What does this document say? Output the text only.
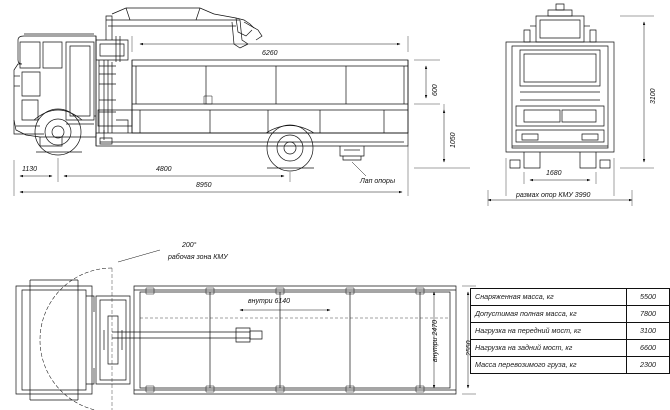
6260
600
1050
1130	4800
8950
Лап опоры
1680
размах опор КМУ 3990
3100
200°
рабочая зона КМУ
внутри 6140
внутри 2470	2550
Снаряженная масса, кг	5500
Допустимая полная масса, кг	7800
Нагрузка на передний мост, кг	3100
Нагрузка на задний мост, кг	6600
Масса перевозимого груза, кг	2300
